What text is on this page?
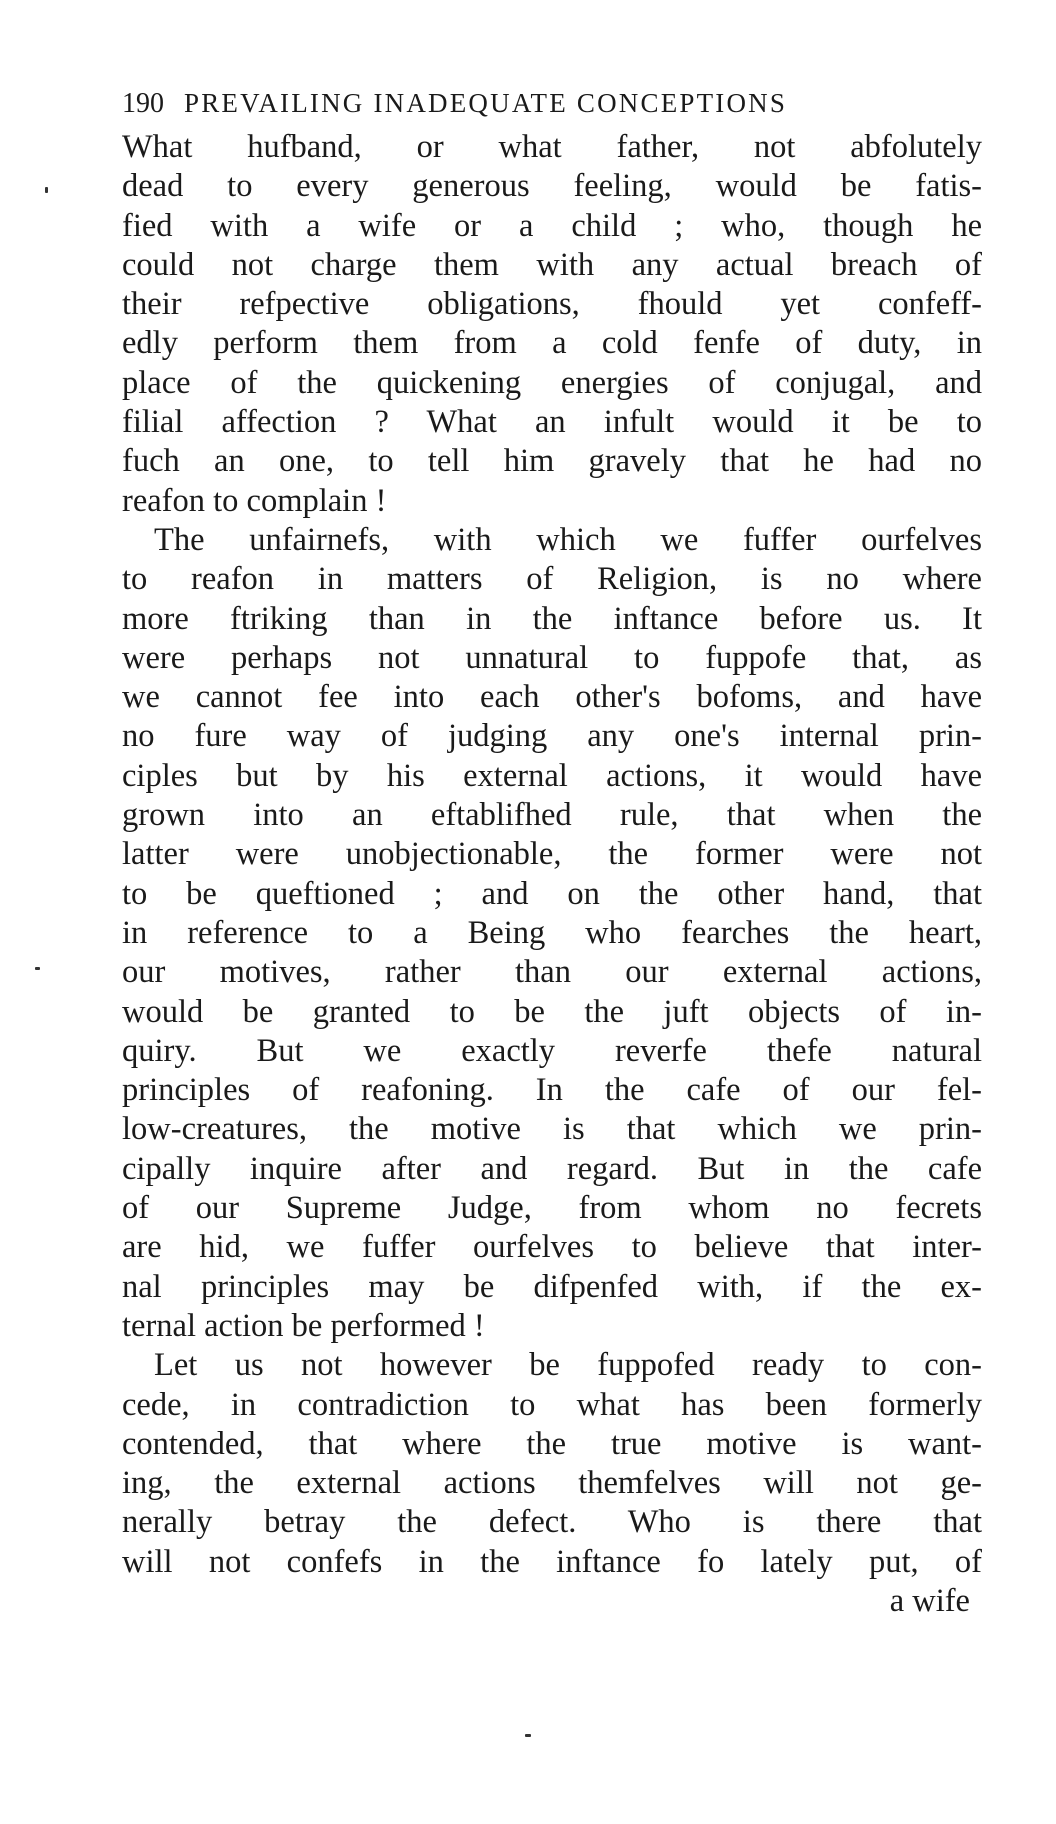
190 PREVAILING INADEQUATE CONCEPTIONS
What hufband, or what father, not abfolutely
dead to every generous feeling, would be fatis-
fied with a wife or a child ; who, though he
could not charge them with any actual breach of
their refpective obligations, fhould yet confeff-
edly perform them from a cold fenfe of duty, in
place of the quickening energies of conjugal, and
filial affection ? What an infult would it be to
fuch an one, to tell him gravely that he had no
reafon to complain !
The unfairnefs, with which we fuffer ourfelves
to reafon in matters of Religion, is no where
more ftriking than in the inftance before us. It
were perhaps not unnatural to fuppofe that, as
we cannot fee into each other's bofoms, and have
no fure way of judging any one's internal prin-
ciples but by his external actions, it would have
grown into an eftablifhed rule, that when the
latter were unobjectionable, the former were not
to be queftioned ; and on the other hand, that
in reference to a Being who fearches the heart,
our motives, rather than our external actions,
would be granted to be the juft objects of in-
quiry. But we exactly reverfe thefe natural
principles of reafoning. In the cafe of our fel-
low-creatures, the motive is that which we prin-
cipally inquire after and regard. But in the cafe
of our Supreme Judge, from whom no fecrets
are hid, we fuffer ourfelves to believe that inter-
nal principles may be difpenfed with, if the ex-
ternal action be performed !
Let us not however be fuppofed ready to con-
cede, in contradiction to what has been formerly
contended, that where the true motive is want-
ing, the external actions themfelves will not ge-
nerally betray the defect. Who is there that
will not confefs in the inftance fo lately put, of
a wife
